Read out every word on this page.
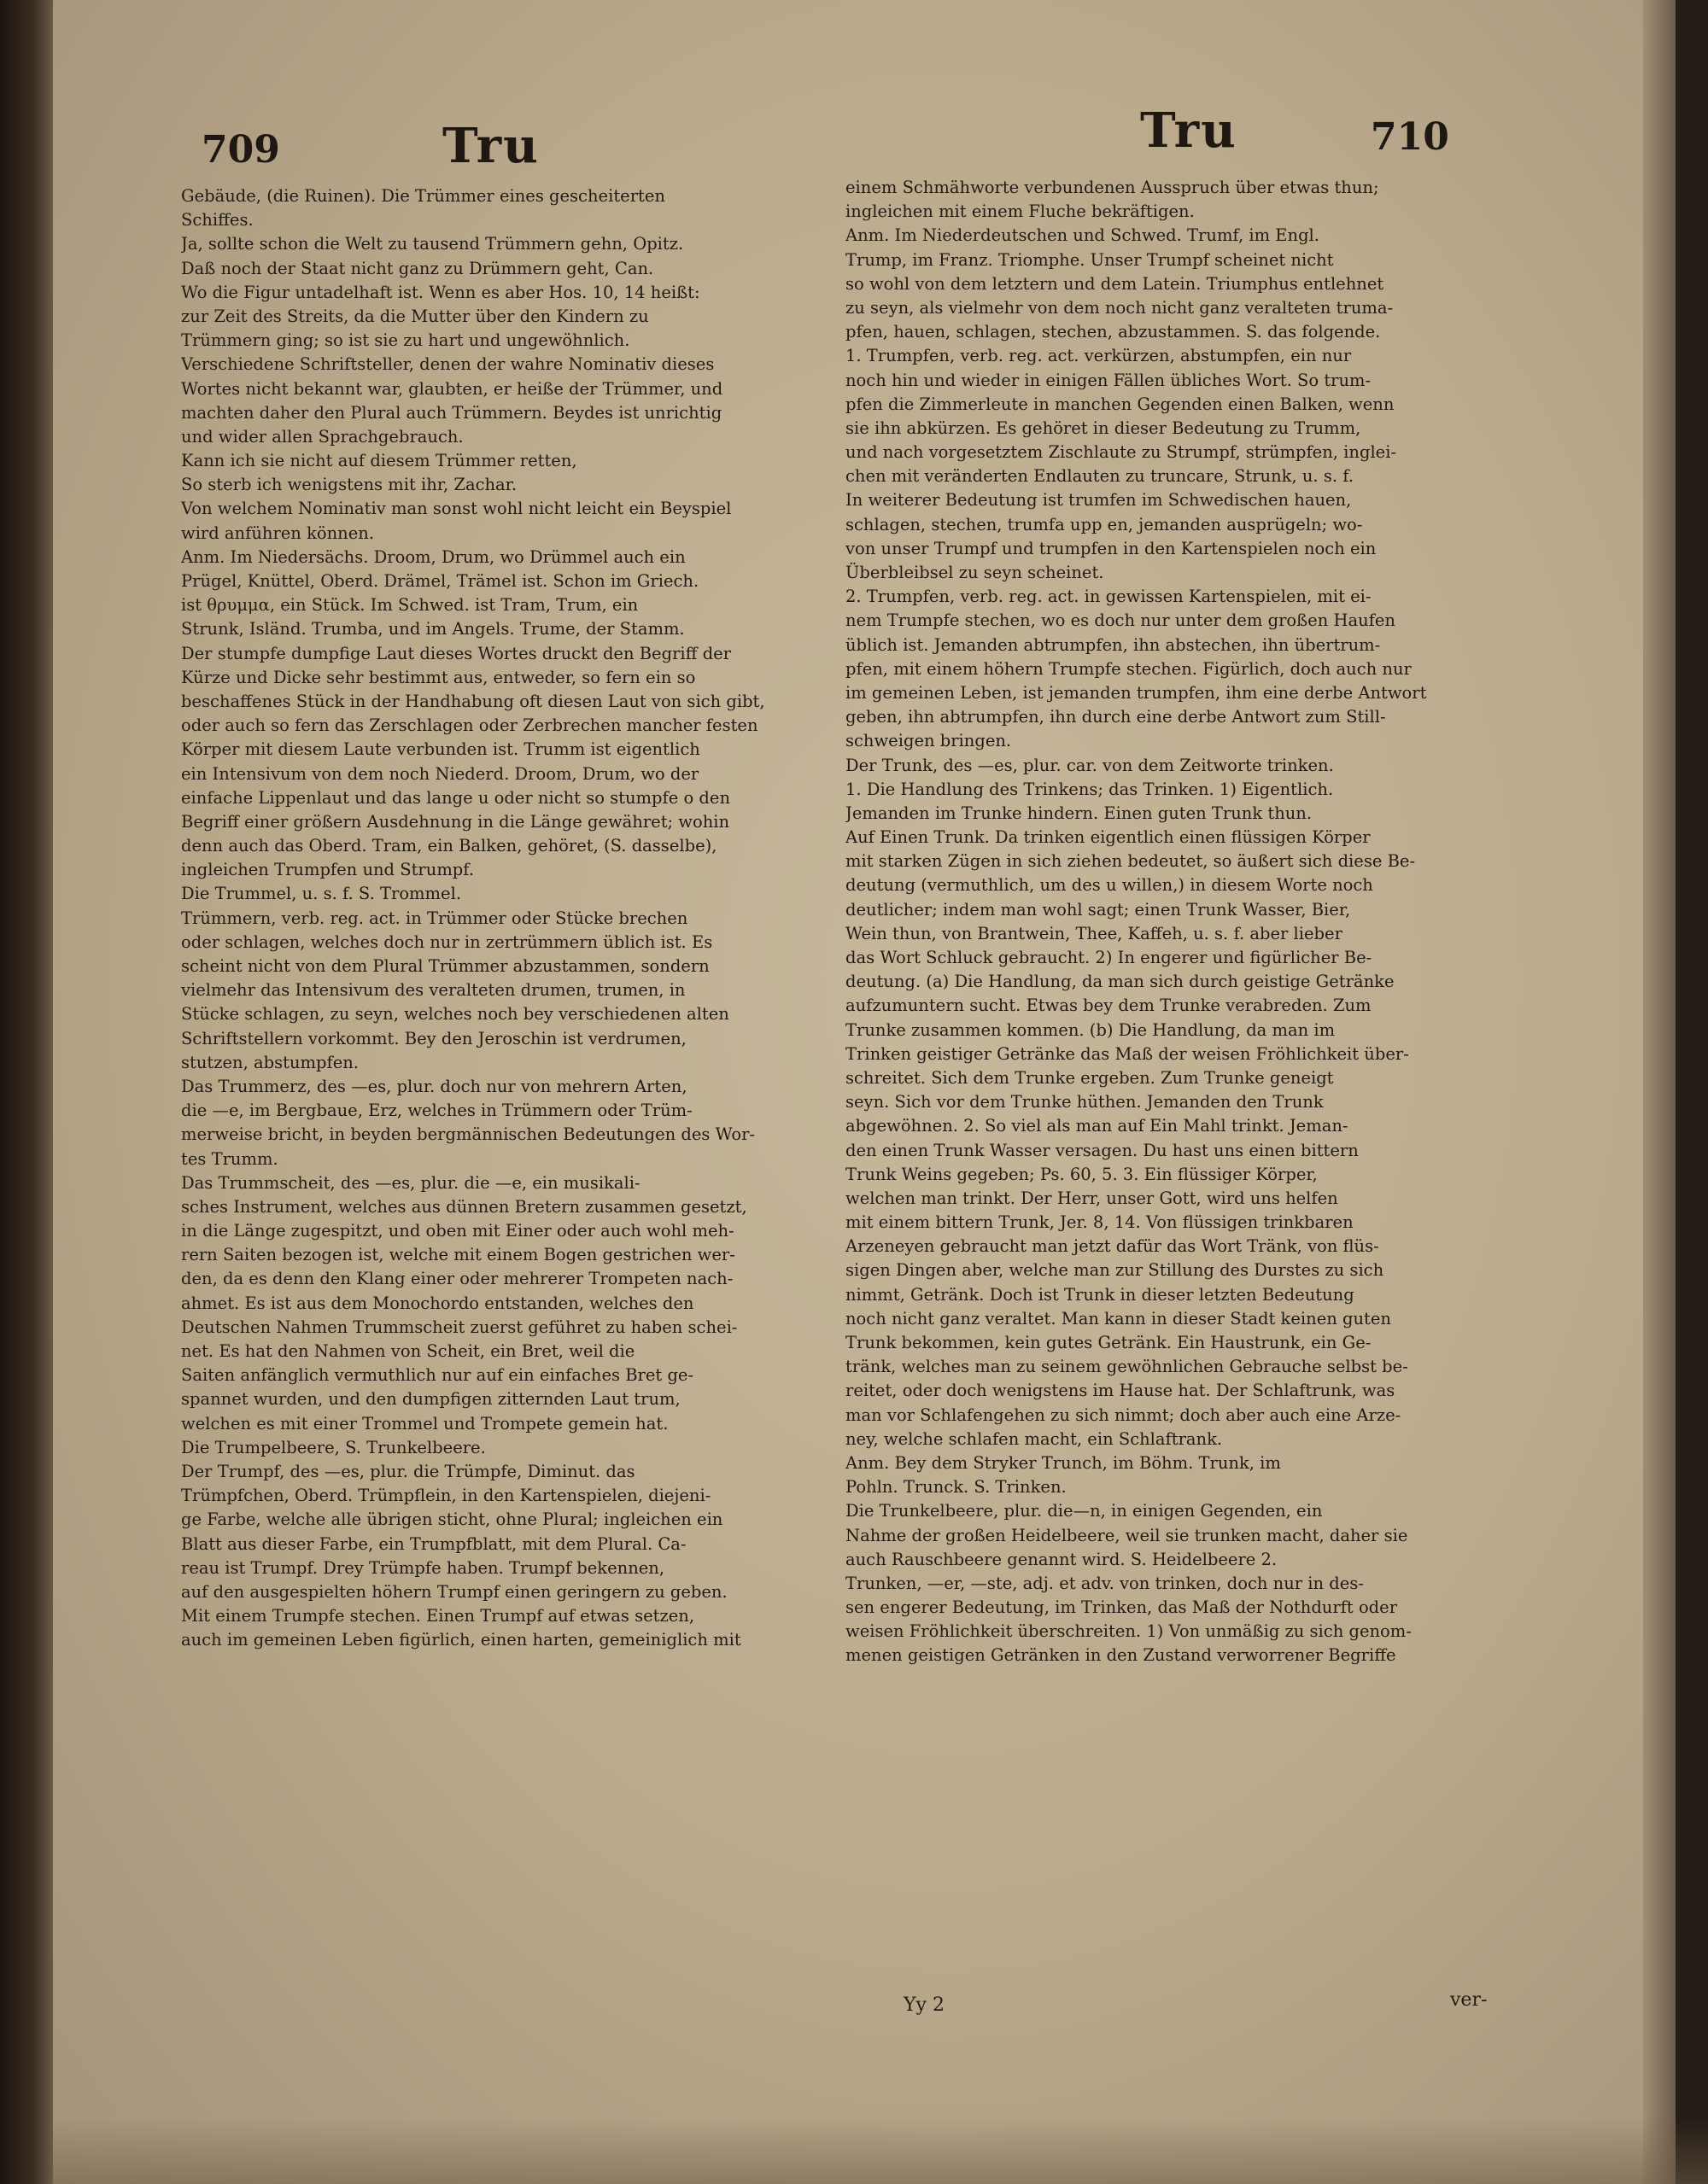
709	Tru	Tru	710
Gebäude, (die Ruinen). Die Trümmer eines gescheiterten
Schiffes.
Ja, sollte schon die Welt zu tausend Trümmern gehn, Opitz.
Daß noch der Staat nicht ganz zu Drümmern geht, Can.
Wo die Figur untadelhaft ist. Wenn es aber Hos. 10, 14 heißt:
zur Zeit des Streits, da die Mutter über den Kindern zu
Trümmern ging; so ist sie zu hart und ungewöhnlich.
Verschiedene Schriftsteller, denen der wahre Nominativ dieses
Wortes nicht bekannt war, glaubten, er heiße der Trümmer, und
machten daher den Plural auch Trümmern. Beydes ist unrichtig
und wider allen Sprachgebrauch.
Kann ich sie nicht auf diesem Trümmer retten,
So sterb ich wenigstens mit ihr, Zachar.
Von welchem Nominativ man sonst wohl nicht leicht ein Beyspiel
wird anführen können.
Anm. Im Niedersächs. Droom, Drum, wo Drümmel auch ein
Prügel, Knüttel, Oberd. Drämel, Trämel ist. Schon im Griech.
ist θρυμμα, ein Stück. Im Schwed. ist Tram, Trum, ein
Strunk, Isländ. Trumba, und im Angels. Trume, der Stamm.
Der stumpfe dumpfige Laut dieses Wortes druckt den Begriff der
Kürze und Dicke sehr bestimmt aus, entweder, so fern ein so
beschaffenes Stück in der Handhabung oft diesen Laut von sich gibt,
oder auch so fern das Zerschlagen oder Zerbrechen mancher festen
Körper mit diesem Laute verbunden ist. Trumm ist eigentlich
ein Intensivum von dem noch Niederd. Droom, Drum, wo der
einfache Lippenlaut und das lange u oder nicht so stumpfe o den
Begriff einer größern Ausdehnung in die Länge gewähret; wohin
denn auch das Oberd. Tram, ein Balken, gehöret, (S. dasselbe),
ingleichen Trumpfen und Strumpf.
Die Trummel, u. s. f. S. Trommel.
Trümmern, verb. reg. act. in Trümmer oder Stücke brechen
oder schlagen, welches doch nur in zertrümmern üblich ist. Es
scheint nicht von dem Plural Trümmer abzustammen, sondern
vielmehr das Intensivum des veralteten drumen, trumen, in
Stücke schlagen, zu seyn, welches noch bey verschiedenen alten
Schriftstellern vorkommt. Bey den Jeroschin ist verdrumen,
stutzen, abstumpfen.
Das Trummerz, des —es, plur. doch nur von mehrern Arten,
die —e, im Bergbaue, Erz, welches in Trümmern oder Trüm-
merweise bricht, in beyden bergmännischen Bedeutungen des Wor-
tes Trumm.
Das Trummscheit, des —es, plur. die —e, ein musikali-
sches Instrument, welches aus dünnen Bretern zusammen gesetzt,
in die Länge zugespitzt, und oben mit Einer oder auch wohl meh-
rern Saiten bezogen ist, welche mit einem Bogen gestrichen wer-
den, da es denn den Klang einer oder mehrerer Trompeten nach-
ahmet. Es ist aus dem Monochordo entstanden, welches den
Deutschen Nahmen Trummscheit zuerst geführet zu haben schei-
net. Es hat den Nahmen von Scheit, ein Bret, weil die
Saiten anfänglich vermuthlich nur auf ein einfaches Bret ge-
spannet wurden, und den dumpfigen zitternden Laut trum,
welchen es mit einer Trommel und Trompete gemein hat.
Die Trumpelbeere, S. Trunkelbeere.
Der Trumpf, des —es, plur. die Trümpfe, Diminut. das
Trümpfchen, Oberd. Trümpflein, in den Kartenspielen, diejeni-
ge Farbe, welche alle übrigen sticht, ohne Plural; ingleichen ein
Blatt aus dieser Farbe, ein Trumpfblatt, mit dem Plural. Ca-
reau ist Trumpf. Drey Trümpfe haben. Trumpf bekennen,
auf den ausgespielten höhern Trumpf einen geringern zu geben.
Mit einem Trumpfe stechen. Einen Trumpf auf etwas setzen,
auch im gemeinen Leben figürlich, einen harten, gemeiniglich mit
einem Schmähworte verbundenen Ausspruch über etwas thun;
ingleichen mit einem Fluche bekräftigen.
Anm. Im Niederdeutschen und Schwed. Trumf, im Engl.
Trump, im Franz. Triomphe. Unser Trumpf scheinet nicht
so wohl von dem letztern und dem Latein. Triumphus entlehnet
zu seyn, als vielmehr von dem noch nicht ganz veralteten truma-
pfen, hauen, schlagen, stechen, abzustammen. S. das folgende.
1. Trumpfen, verb. reg. act. verkürzen, abstumpfen, ein nur
noch hin und wieder in einigen Fällen übliches Wort. So trum-
pfen die Zimmerleute in manchen Gegenden einen Balken, wenn
sie ihn abkürzen. Es gehöret in dieser Bedeutung zu Trumm,
und nach vorgesetztem Zischlaute zu Strumpf, strümpfen, inglei-
chen mit veränderten Endlauten zu truncare, Strunk, u. s. f.
In weiterer Bedeutung ist trumfen im Schwedischen hauen,
schlagen, stechen, trumfa upp en, jemanden ausprügeln; wo-
von unser Trumpf und trumpfen in den Kartenspielen noch ein
Überbleibsel zu seyn scheinet.
2. Trumpfen, verb. reg. act. in gewissen Kartenspielen, mit ei-
nem Trumpfe stechen, wo es doch nur unter dem großen Haufen
üblich ist. Jemanden abtrumpfen, ihn abstechen, ihn übertrum-
pfen, mit einem höhern Trumpfe stechen. Figürlich, doch auch nur
im gemeinen Leben, ist jemanden trumpfen, ihm eine derbe Antwort
geben, ihn abtrumpfen, ihn durch eine derbe Antwort zum Still-
schweigen bringen.
Der Trunk, des —es, plur. car. von dem Zeitworte trinken.
1. Die Handlung des Trinkens; das Trinken. 1) Eigentlich.
Jemanden im Trunke hindern. Einen guten Trunk thun.
Auf Einen Trunk. Da trinken eigentlich einen flüssigen Körper
mit starken Zügen in sich ziehen bedeutet, so äußert sich diese Be-
deutung (vermuthlich, um des u willen,) in diesem Worte noch
deutlicher; indem man wohl sagt; einen Trunk Wasser, Bier,
Wein thun, von Brantwein, Thee, Kaffeh, u. s. f. aber lieber
das Wort Schluck gebraucht. 2) In engerer und figürlicher Be-
deutung. (a) Die Handlung, da man sich durch geistige Getränke
aufzumuntern sucht. Etwas bey dem Trunke verabreden. Zum
Trunke zusammen kommen. (b) Die Handlung, da man im
Trinken geistiger Getränke das Maß der weisen Fröhlichkeit über-
schreitet. Sich dem Trunke ergeben. Zum Trunke geneigt
seyn. Sich vor dem Trunke hüthen. Jemanden den Trunk
abgewöhnen. 2. So viel als man auf Ein Mahl trinkt. Jeman-
den einen Trunk Wasser versagen. Du hast uns einen bittern
Trunk Weins gegeben; Ps. 60, 5. 3. Ein flüssiger Körper,
welchen man trinkt. Der Herr, unser Gott, wird uns helfen
mit einem bittern Trunk, Jer. 8, 14. Von flüssigen trinkbaren
Arzeneyen gebraucht man jetzt dafür das Wort Tränk, von flüs-
sigen Dingen aber, welche man zur Stillung des Durstes zu sich
nimmt, Getränk. Doch ist Trunk in dieser letzten Bedeutung
noch nicht ganz veraltet. Man kann in dieser Stadt keinen guten
Trunk bekommen, kein gutes Getränk. Ein Haustrunk, ein Ge-
tränk, welches man zu seinem gewöhnlichen Gebrauche selbst be-
reitet, oder doch wenigstens im Hause hat. Der Schlaftrunk, was
man vor Schlafengehen zu sich nimmt; doch aber auch eine Arze-
ney, welche schlafen macht, ein Schlaftrank.
Anm. Bey dem Stryker Trunch, im Böhm. Trunk, im
Pohln. Trunck. S. Trinken.
Die Trunkelbeere, plur. die—n, in einigen Gegenden, ein
Nahme der großen Heidelbeere, weil sie trunken macht, daher sie
auch Rauschbeere genannt wird. S. Heidelbeere 2.
Trunken, —er, —ste, adj. et adv. von trinken, doch nur in des-
sen engerer Bedeutung, im Trinken, das Maß der Nothdurft oder
weisen Fröhlichkeit überschreiten. 1) Von unmäßig zu sich genom-
menen geistigen Getränken in den Zustand verworrener Begriffe
Yy 2	ver-
